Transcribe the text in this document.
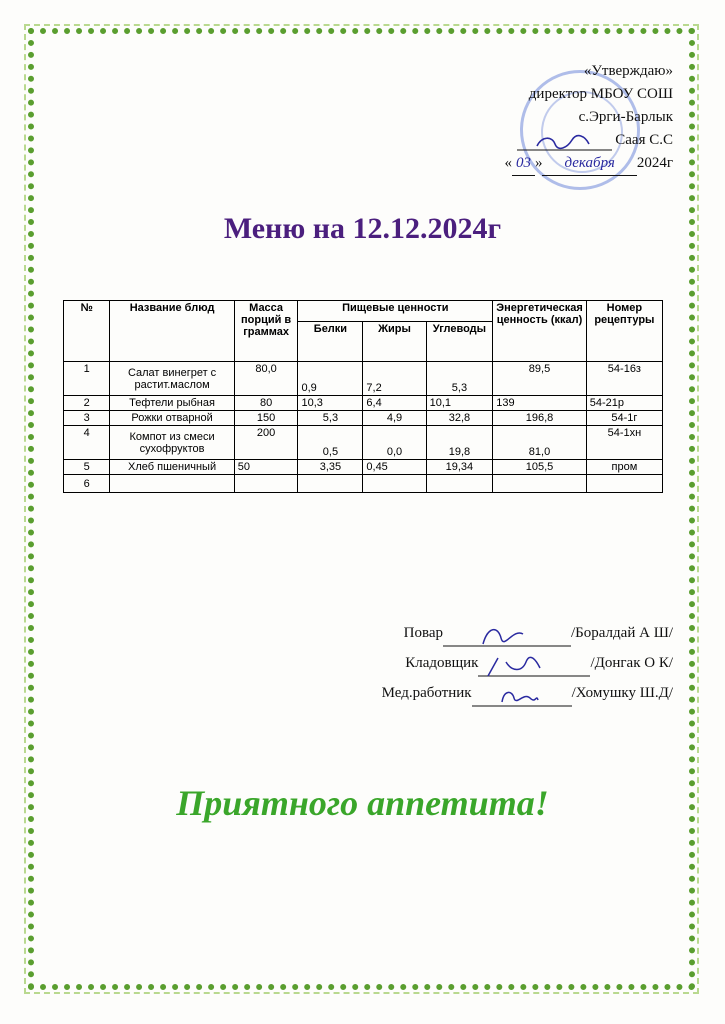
«Утверждаю»
директор МБОУ СОШ
с.Эрги-Барлык
Саая С.С
« 03 » декабря 2024г
Меню на 12.12.2024г
№	Название блюд	Масса порций в граммах	Пищевые ценности			Энергетическая ценность (ккал)	Номер рецептуры
			Белки	Жиры	Углеводы		
1	Салат винегрет с растит.маслом	80,0	0,9	7,2	5,3	89,5	54-16з
2	Тефтели рыбная	80	10,3	6,4	10,1	139	54-21р
3	Рожки отварной	150	5,3	4,9	32,8	196,8	54-1г
4	Компот из смеси сухофруктов	200	0,5	0,0	19,8	81,0	54-1хн
5	Хлеб пшеничный	50	3,35	0,45	19,34	105,5	пром
6							
Повар	/Боралдай А Ш/
Кладовщик	/Донгак О К/
Мед.работник	/Хомушку Ш.Д/
Приятного аппетита!
